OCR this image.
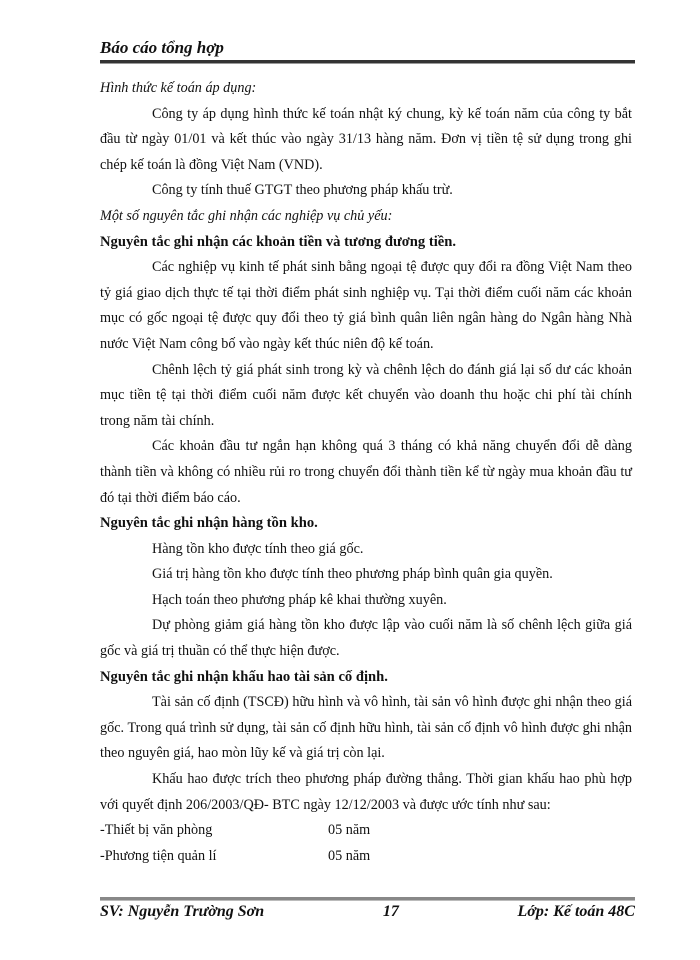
Báo cáo tổng hợp

Hình thức kế toán áp dụng:

Công ty áp dụng hình thức kế toán nhật ký chung, kỳ kế toán năm của công ty bắt đầu từ ngày 01/01 và kết thúc vào ngày 31/13 hàng năm. Đơn vị tiền tệ sử dụng trong ghi chép kế toán là đồng Việt Nam (VND).

Công ty tính thuế GTGT theo phương pháp khấu trừ.

Một số nguyên tắc ghi nhận các nghiệp vụ chủ yếu:

Nguyên tắc ghi nhận các khoản tiền và tương đương tiền.

Các nghiệp vụ kinh tế phát sinh bằng ngoại tệ được quy đổi ra đồng Việt Nam theo tỷ giá giao dịch thực tế tại thời điểm phát sinh nghiệp vụ. Tại thời điểm cuối năm các khoản mục có gốc ngoại tệ được quy đổi theo tỷ giá bình quân liên ngân hàng do Ngân hàng Nhà nước Việt Nam công bố vào ngày kết thúc niên độ kế toán.

Chênh lệch tỷ giá phát sinh trong kỳ và chênh lệch do đánh giá lại số dư các khoản mục tiền tệ tại thời điểm cuối năm được kết chuyển vào doanh thu hoặc chi phí tài chính trong năm tài chính.

Các khoản đầu tư ngắn hạn không quá 3 tháng có khả năng chuyển đổi dễ dàng thành tiền và không có nhiều rủi ro trong chuyển đổi thành tiền kể từ ngày mua khoản đầu tư đó tại thời điểm báo cáo.

Nguyên tắc ghi nhận hàng tồn kho.

Hàng tồn kho được tính theo giá gốc.

Giá trị hàng tồn kho được tính theo phương pháp bình quân gia quyền.

Hạch toán theo phương pháp kê khai thường xuyên.

Dự phòng giảm giá hàng tồn kho được lập vào cuối năm là số chênh lệch giữa giá gốc và giá trị thuần có thể thực hiện được.

Nguyên tắc ghi nhận khấu hao tài sản cố định.

Tài sản cố định (TSCĐ) hữu hình và vô hình, tài sản vô hình được ghi nhận theo giá gốc. Trong quá trình sử dụng, tài sản cố định hữu hình, tài sản cố định vô hình được ghi nhận theo nguyên giá, hao mòn lũy kế và giá trị còn lại.

Khấu hao được trích theo phương pháp đường thẳng. Thời gian khấu hao phù hợp với quyết định 206/2003/QĐ- BTC ngày 12/12/2003 và được ước tính như sau:

-Thiết bị văn phòng	05 năm
-Phương tiện quản lí	05 năm
SV: Nguyễn Trường Sơn	17	Lớp: Kế toán 48C
